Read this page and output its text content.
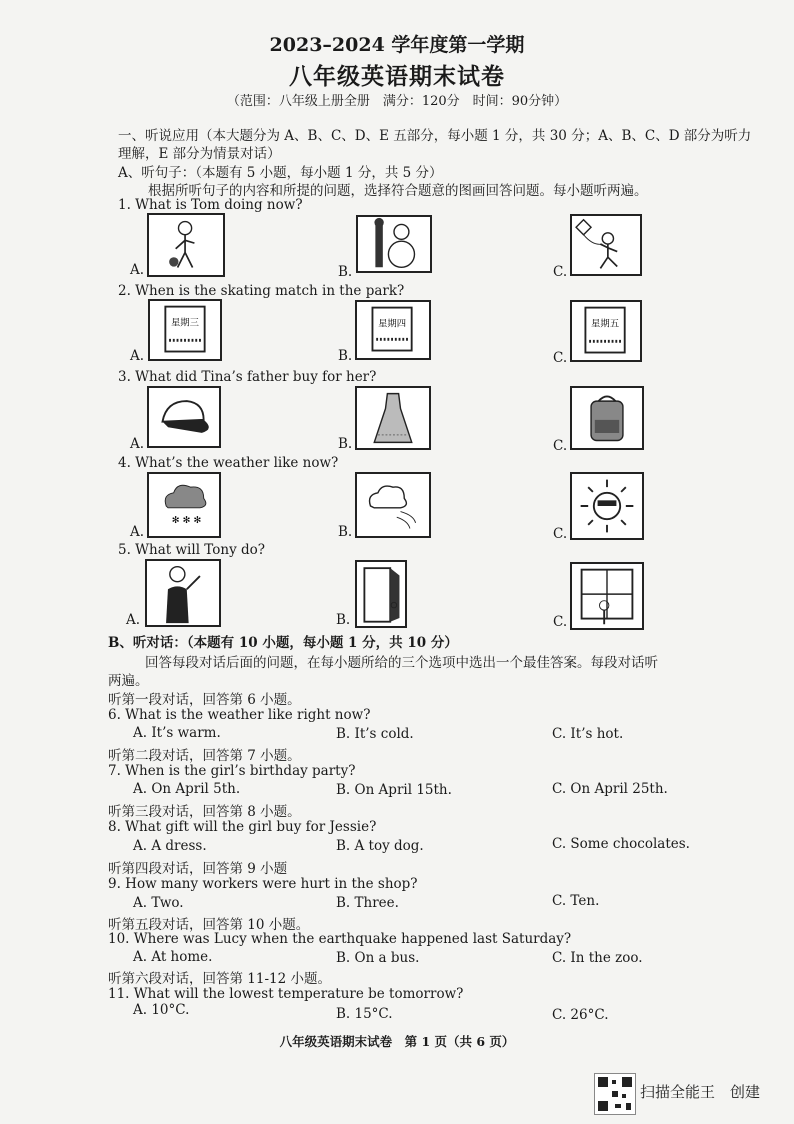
2023–2024 学年度第一学期
八年级英语期末试卷
（范围：八年级上册全册　满分：120分　时间：90分钟）
一、听说应用（本大题分为 A、B、C、D、E 五部分，每小题 1 分，共 30 分；A、B、C、D 部分为听力
理解，E 部分为情景对话）
A、听句子：（本题有 5 小题，每小题 1 分，共 5 分）
根据所听句子的内容和所提的问题，选择符合题意的图画回答问题。每小题听两遍。
1. What is Tom doing now?
A.	B.	C.
2. When is the skating match in the park?
A.
星期三
B.
星期四
C.
星期五
3. What did Tina’s father buy for her?
A.	B.	C.
4. What’s the weather like now?
A.
✻ ✻ ✻
B.	C.
5. What will Tony do?
A.	B.	C.
B、听对话：（本题有 10 小题，每小题 1 分，共 10 分）
回答每段对话后面的问题，在每小题所给的三个选项中选出一个最佳答案。每段对话听
两遍。
听第一段对话，回答第 6 小题。
6. What is the weather like right now?
A. It’s warm.	B. It’s cold.	C. It’s hot.
听第二段对话，回答第 7 小题。
7. When is the girl’s birthday party?
A. On April 5th.	B. On April 15th.	C. On April 25th.
听第三段对话，回答第 8 小题。
8. What gift will the girl buy for Jessie?
A. A dress.	B. A toy dog.	C. Some chocolates.
听第四段对话，回答第 9 小题
9. How many workers were hurt in the shop?
A. Two.	B. Three.	C. Ten.
听第五段对话，回答第 10 小题。
10. Where was Lucy when the earthquake happened last Saturday?
A. At home.	B. On a bus.	C. In the zoo.
听第六段对话，回答第 11-12 小题。
11. What will the lowest temperature be tomorrow?
A. 10°C.	B. 15°C.	C. 26°C.
八年级英语期末试卷　第 1 页（共 6 页）
扫描全能王　创建
